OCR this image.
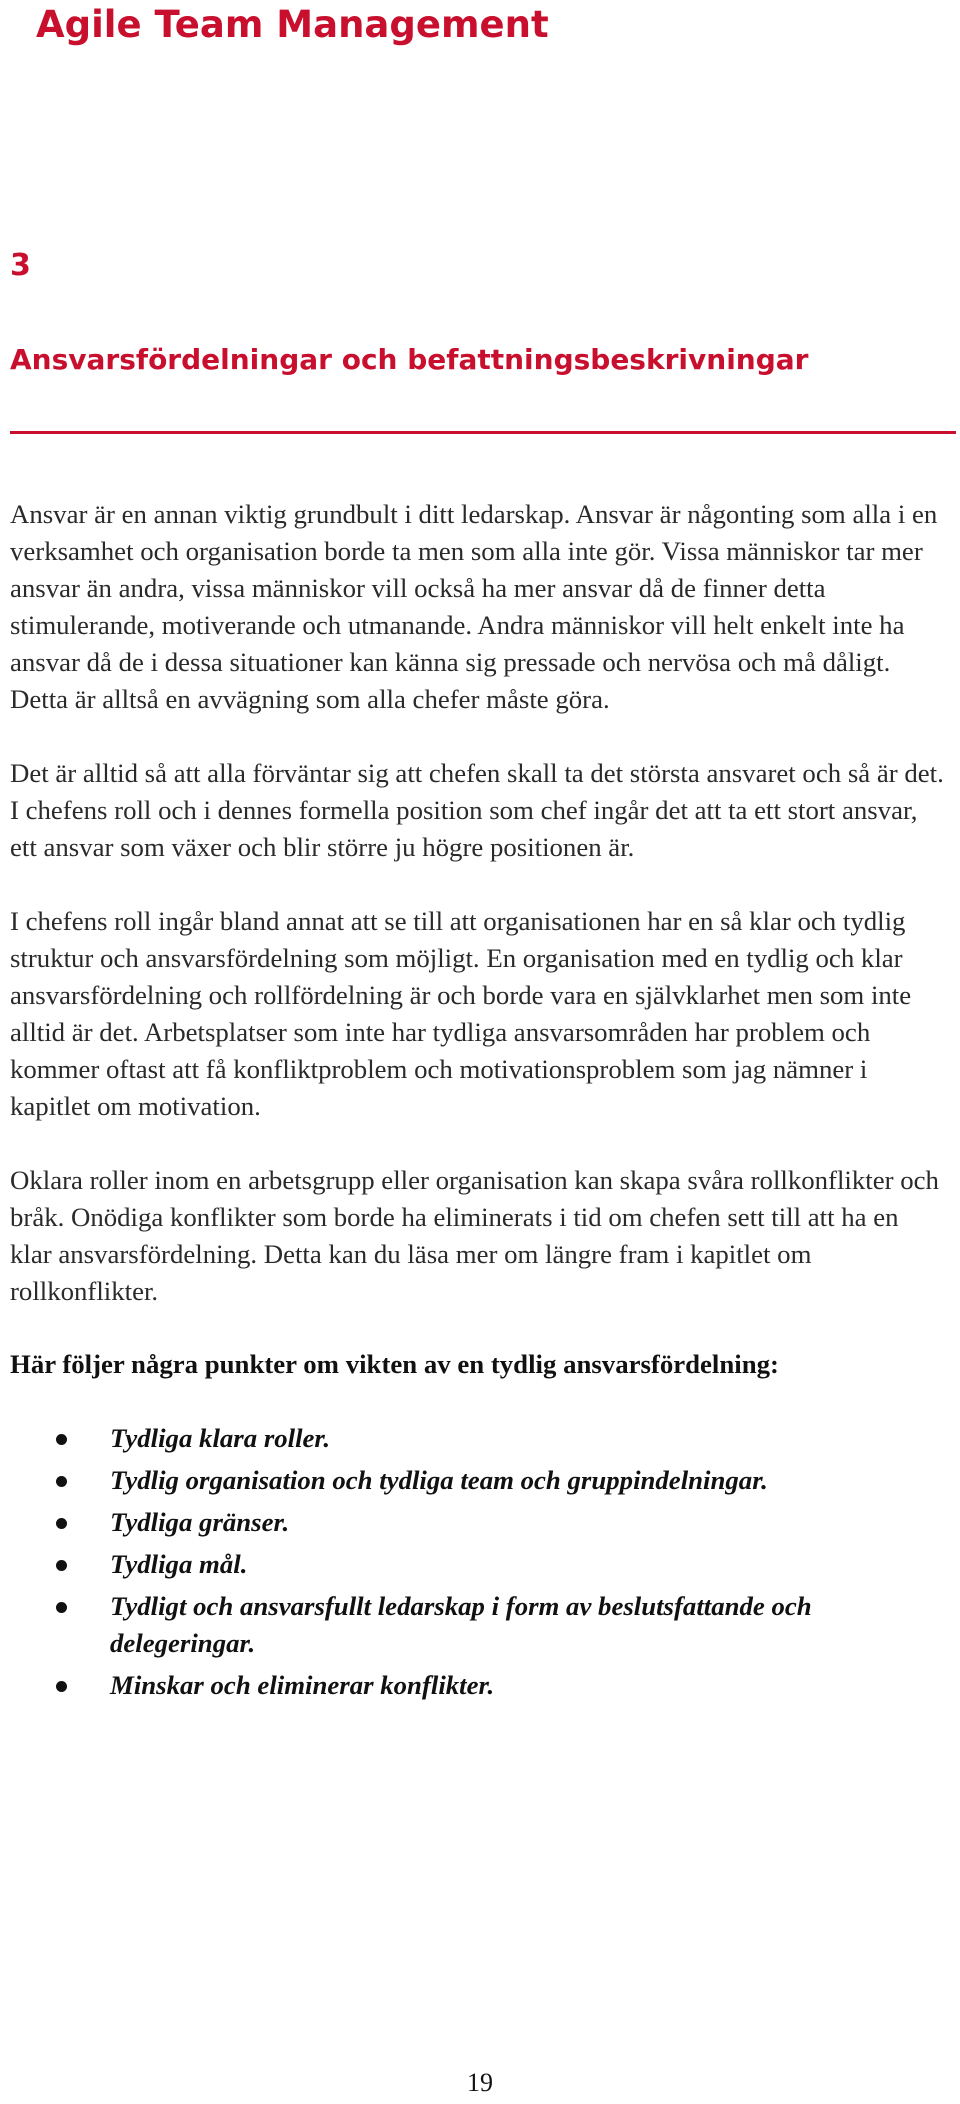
Agile Team Management
3
Ansvarsfördelningar och befattningsbeskrivningar

Ansvar är en annan viktig grundbult i ditt ledarskap. Ansvar är någonting som alla i en verksamhet och organisation borde ta men som alla inte gör. Vissa människor tar mer ansvar än andra, vissa människor vill också ha mer ansvar då de finner detta stimulerande, motiverande och utmanande. Andra människor vill helt enkelt inte ha ansvar då de i dessa situationer kan känna sig pressade och nervösa och må dåligt. Detta är alltså en avvägning som alla chefer måste göra.

Det är alltid så att alla förväntar sig att chefen skall ta det största ansvaret och så är det. I chefens roll och i dennes formella position som chef ingår det att ta ett stort ansvar, ett ansvar som växer och blir större ju högre positionen är.

I chefens roll ingår bland annat att se till att organisationen har en så klar och tydlig struktur och ansvarsfördelning som möjligt. En organisation med en tydlig och klar ansvarsfördelning och rollfördelning är och borde vara en självklarhet men som inte alltid är det. Arbetsplatser som inte har tydliga ansvarsområden har problem och kommer oftast att få konfliktproblem och motivationsproblem som jag nämner i kapitlet om motivation.

Oklara roller inom en arbetsgrupp eller organisation kan skapa svåra rollkonflikter och bråk. Onödiga konflikter som borde ha eliminerats i tid om chefen sett till att ha en klar ansvarsfördelning. Detta kan du läsa mer om längre fram i kapitlet om rollkonflikter.

Här följer några punkter om vikten av en tydlig ansvarsfördelning:

Tydliga klara roller.
Tydlig organisation och tydliga team och gruppindelningar.
Tydliga gränser.
Tydliga mål.
Tydligt och ansvarsfullt ledarskap i form av beslutsfattande och delegeringar.
Minskar och eliminerar konflikter.
19
